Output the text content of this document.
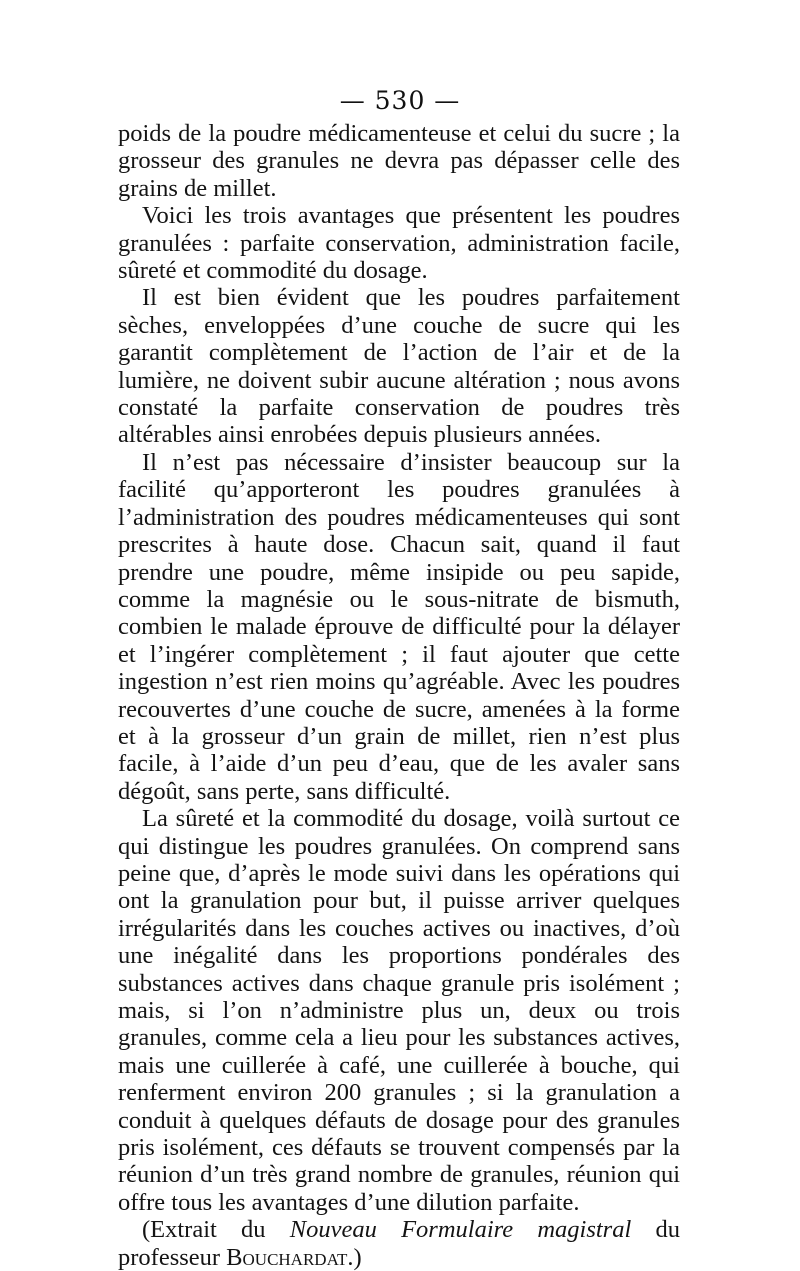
— 530 —

poids de la poudre médicamenteuse et celui du sucre ; la grosseur des granules ne devra pas dépasser celle des grains de millet.

Voici les trois avantages que présentent les poudres granulées : parfaite conservation, administration facile, sûreté et commodité du dosage.

Il est bien évident que les poudres parfaitement sèches, enveloppées d’une couche de sucre qui les garantit complètement de l’action de l’air et de la lumière, ne doivent subir aucune altération ; nous avons constaté la parfaite conservation de poudres très altérables ainsi enrobées depuis plusieurs années.

Il n’est pas nécessaire d’insister beaucoup sur la facilité qu’apporteront les poudres granulées à l’administration des poudres médicamenteuses qui sont prescrites à haute dose. Chacun sait, quand il faut prendre une poudre, même insipide ou peu sapide, comme la magnésie ou le sous-nitrate de bismuth, combien le malade éprouve de difficulté pour la délayer et l’ingérer complètement ; il faut ajouter que cette ingestion n’est rien moins qu’agréable. Avec les poudres recouvertes d’une couche de sucre, amenées à la forme et à la grosseur d’un grain de millet, rien n’est plus facile, à l’aide d’un peu d’eau, que de les avaler sans dégoût, sans perte, sans difficulté.

La sûreté et la commodité du dosage, voilà surtout ce qui distingue les poudres granulées. On comprend sans peine que, d’après le mode suivi dans les opérations qui ont la granulation pour but, il puisse arriver quelques irrégularités dans les couches actives ou inactives, d’où une inégalité dans les proportions pondérales des substances actives dans chaque granule pris isolément ; mais, si l’on n’administre plus un, deux ou trois granules, comme cela a lieu pour les substances actives, mais une cuillerée à café, une cuillerée à bouche, qui renferment environ 200 granules ; si la granulation a conduit à quelques défauts de dosage pour des granules pris isolément, ces défauts se trouvent compensés par la réunion d’un très grand nombre de granules, réunion qui offre tous les avantages d’une dilution parfaite.

(Extrait du Nouveau Formulaire magistral du professeur Bouchardat.)
